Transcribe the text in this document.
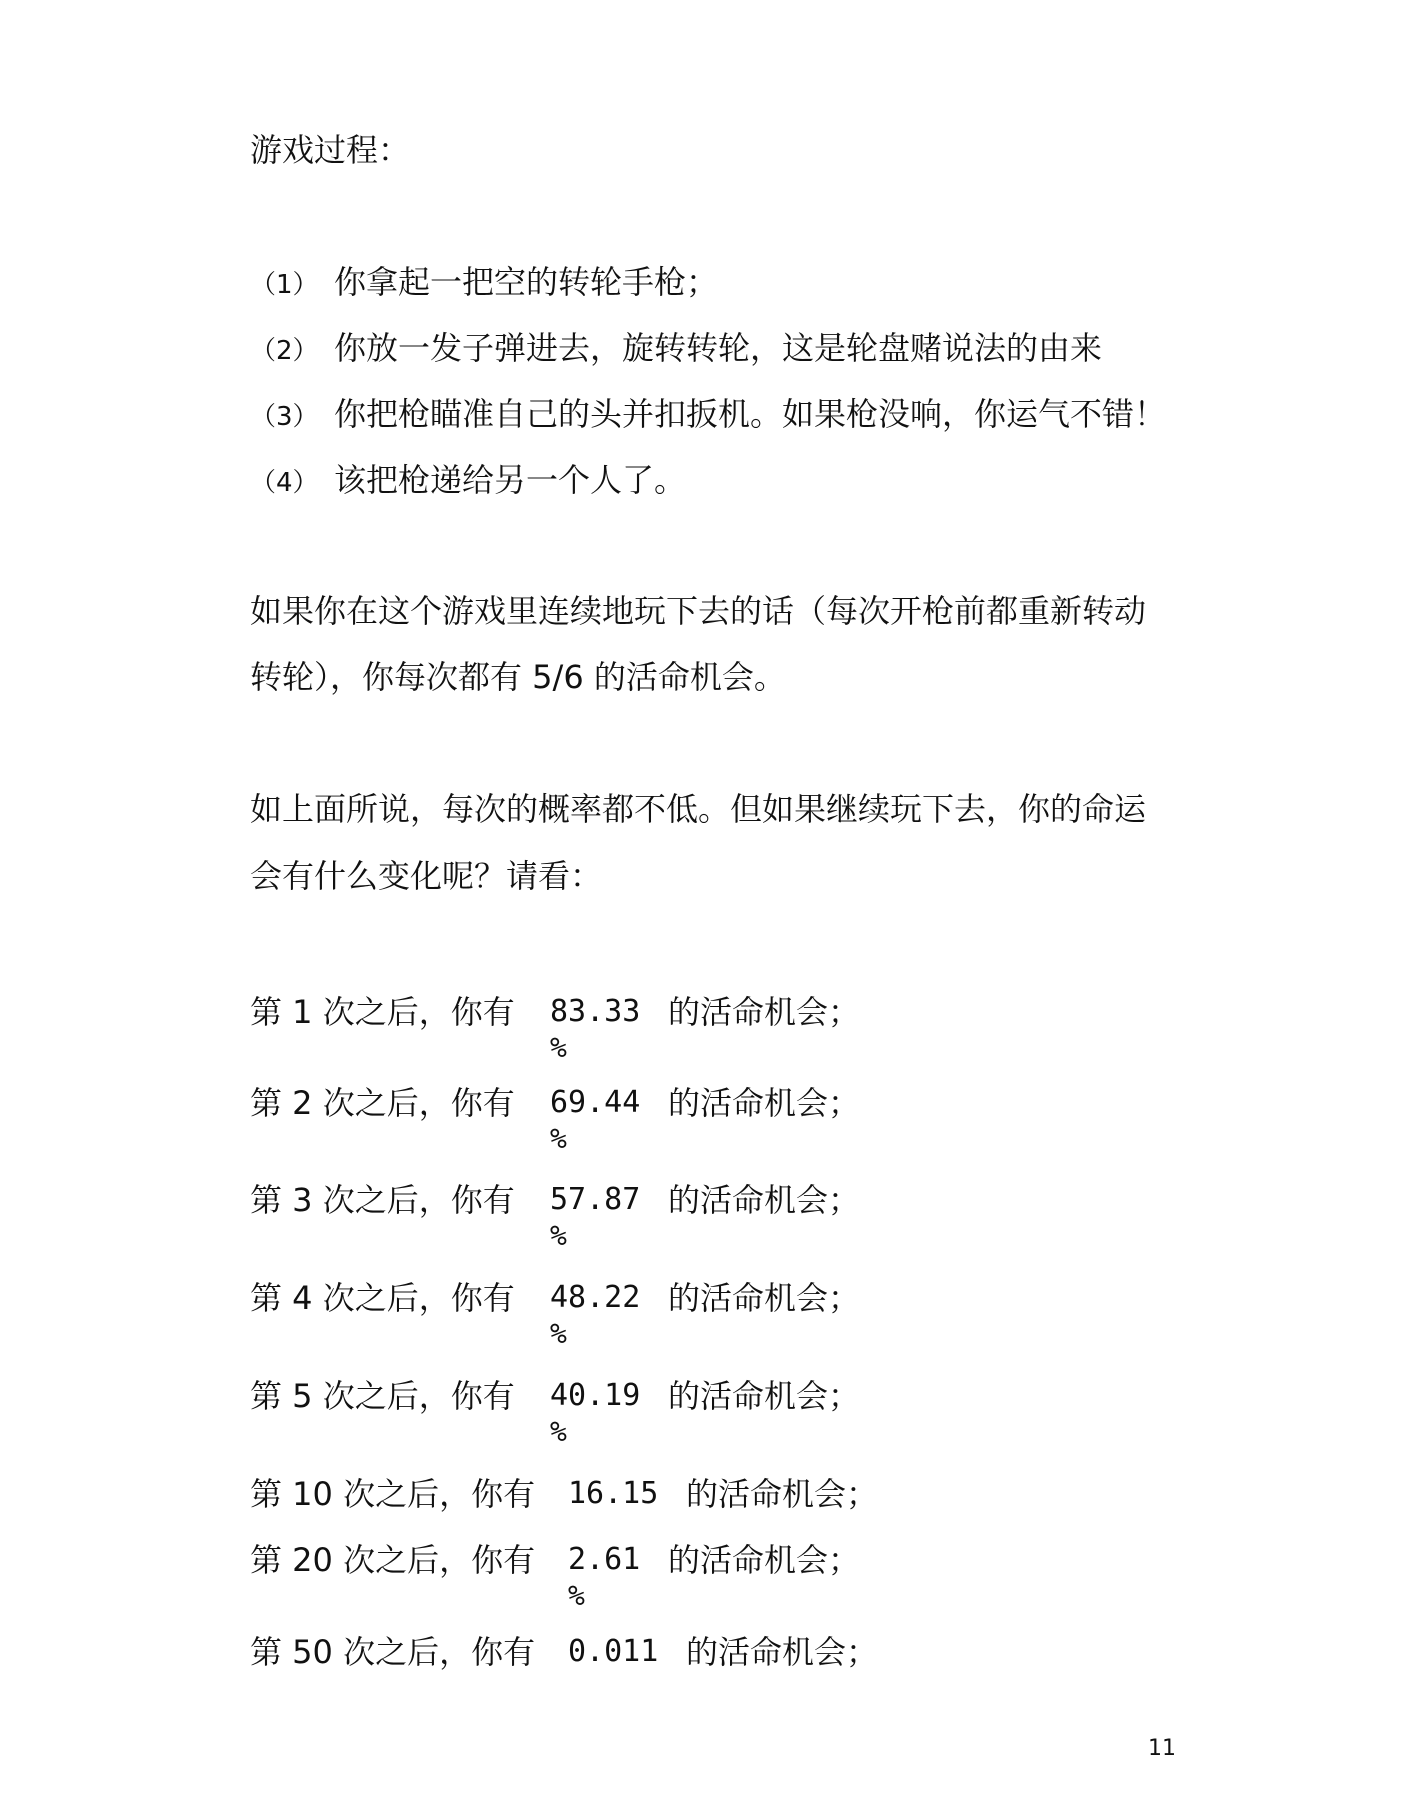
游戏过程：
（1） 你拿起一把空的转轮手枪；
（2） 你放一发子弹进去，旋转转轮，这是轮盘赌说法的由来
（3） 你把枪瞄准自己的头并扣扳机。如果枪没响，你运气不错！
（4） 该把枪递给另一个人了。
如果你在这个游戏里连续地玩下去的话（每次开枪前都重新转动
转轮），你每次都有 5/6 的活命机会。
如上面所说，每次的概率都不低。但如果继续玩下去，你的命运
会有什么变化呢？请看：
第 1 次之后，你有 83.33
%
的活命机会；
第 2 次之后，你有 69.44
%
的活命机会；
第 3 次之后，你有 57.87
%
的活命机会；
第 4 次之后，你有 48.22
%
的活命机会；
第 5 次之后，你有 40.19
%
的活命机会；
第 10 次之后，你有 16.15 的活命机会；
第 20 次之后，你有 2.61
%
的活命机会；
第 50 次之后，你有 0.011 的活命机会；
11
